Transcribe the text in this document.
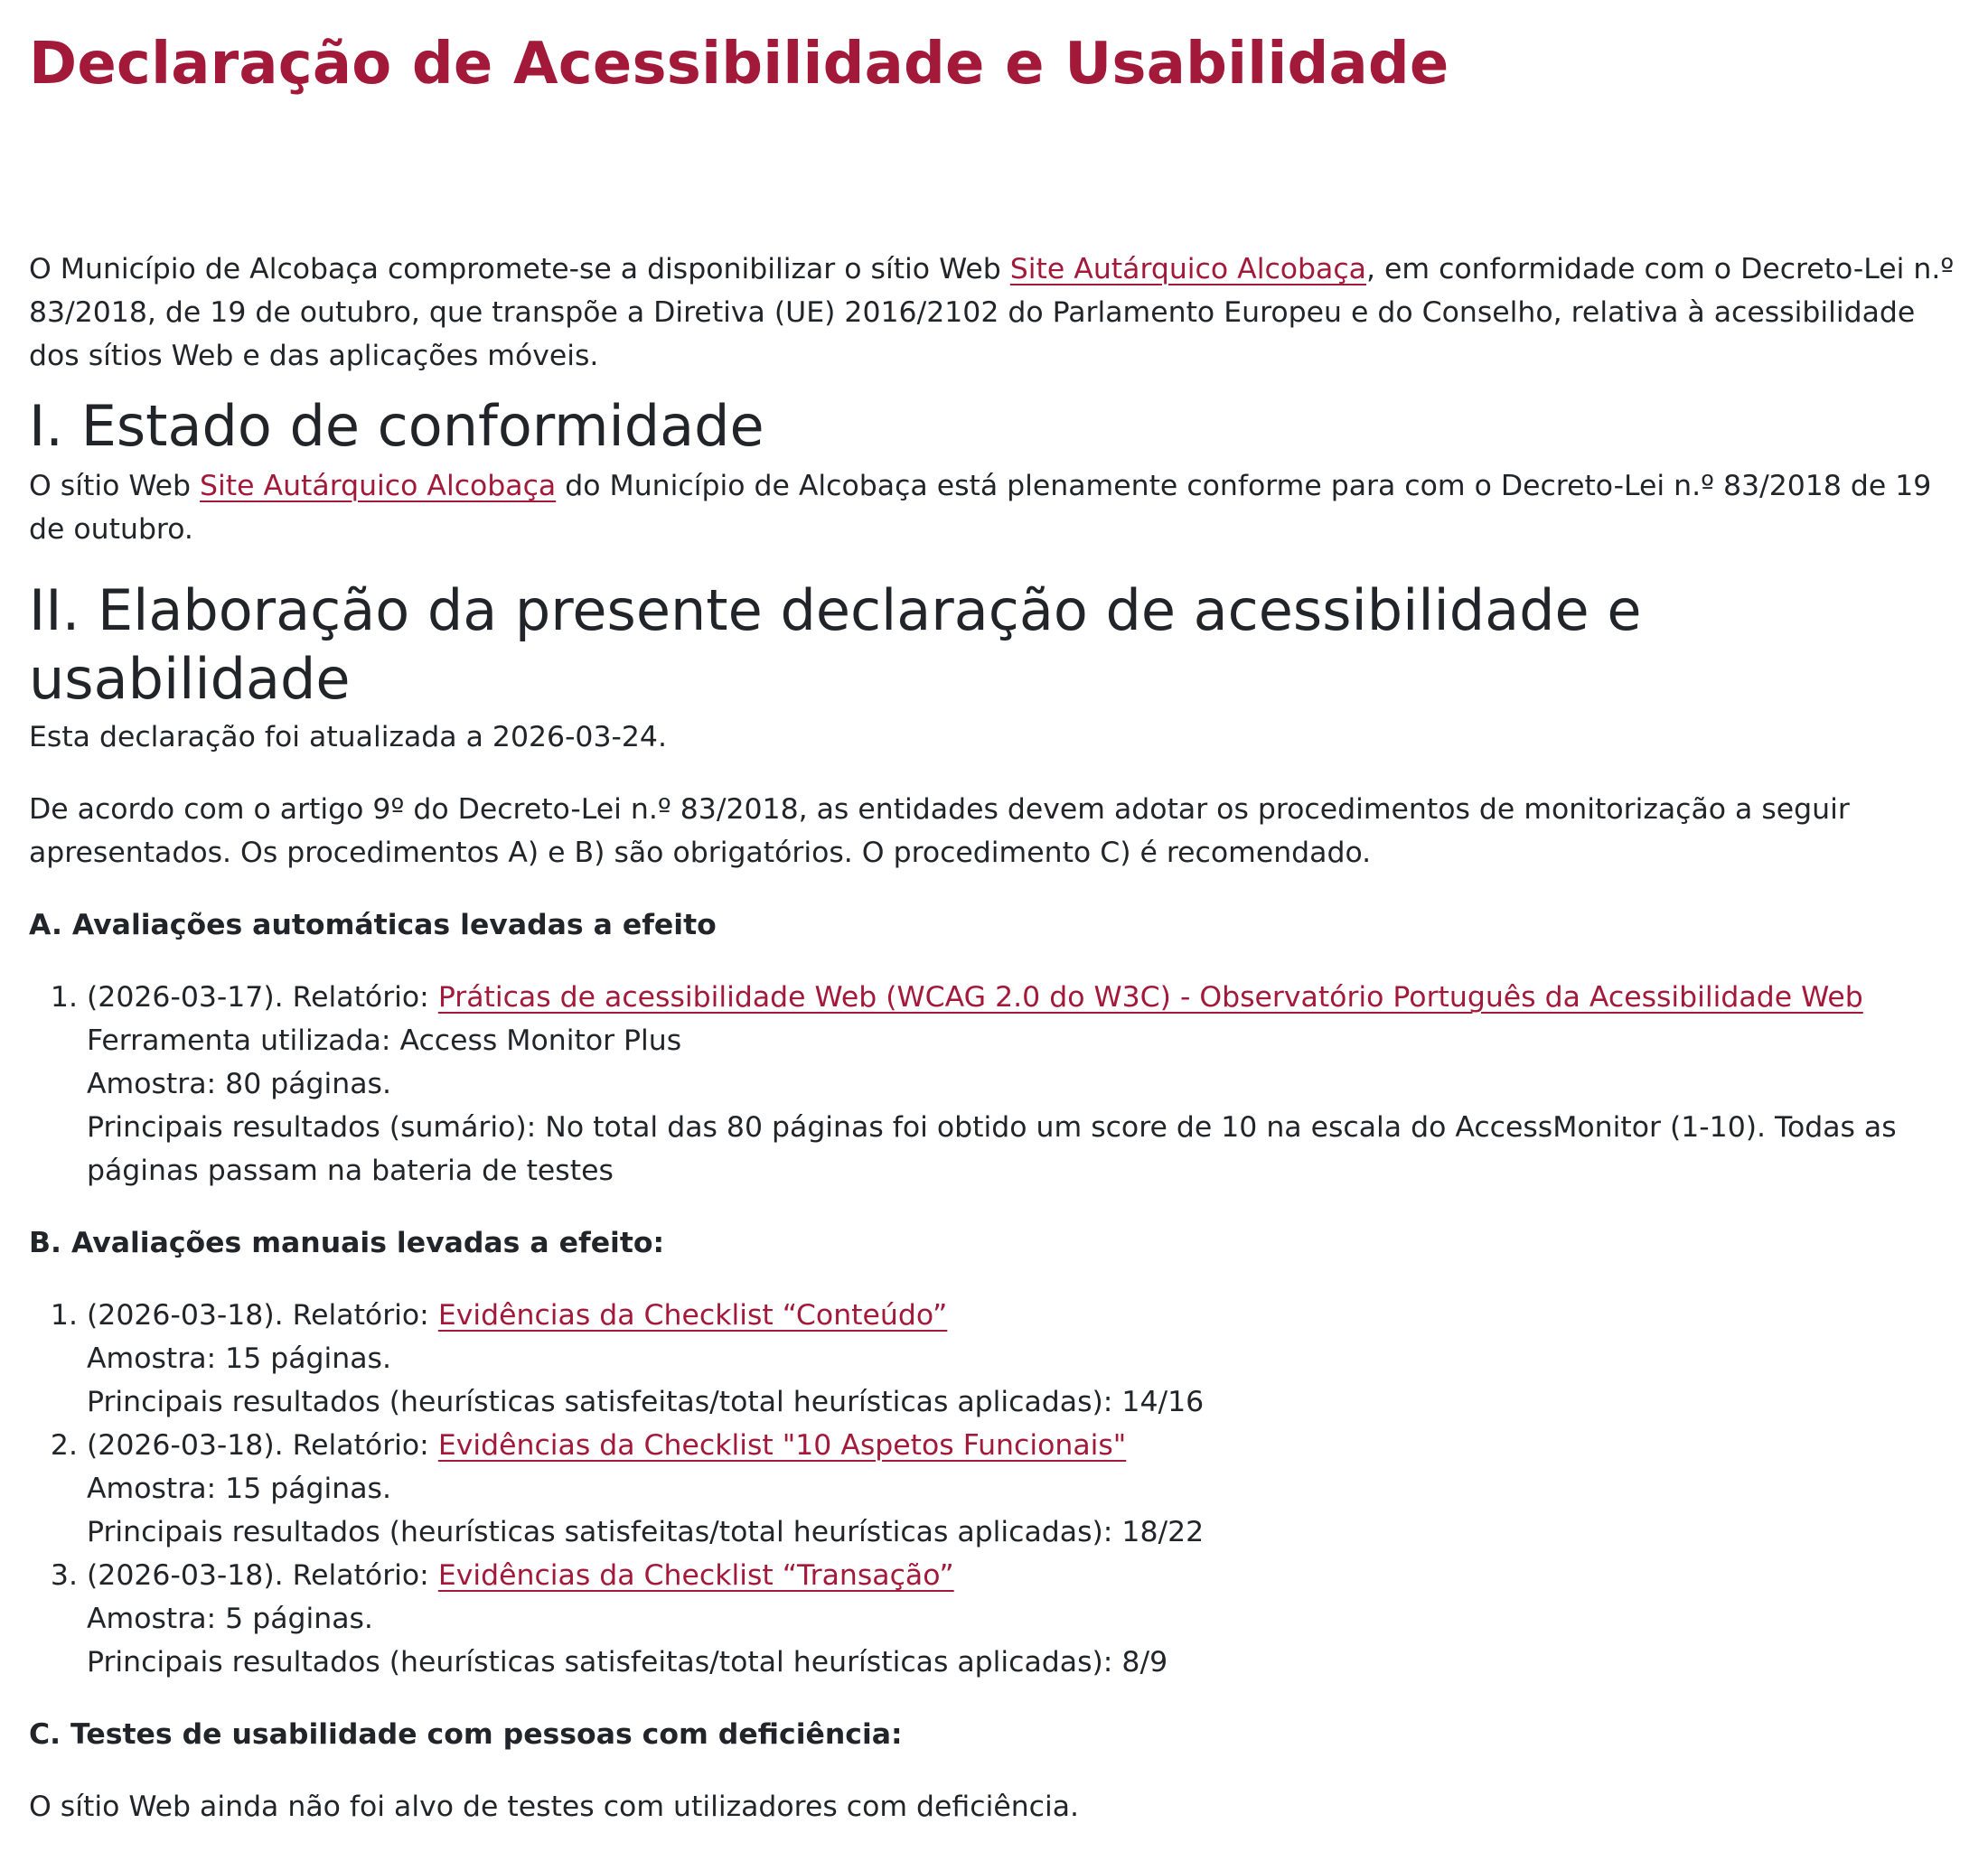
Declaração de Acessibilidade e Usabilidade

O Município de Alcobaça compromete-se a disponibilizar o sítio Web Site Autárquico Alcobaça, em conformidade com o Decreto-Lei n.º 83/2018, de 19 de outubro, que transpõe a Diretiva (UE) 2016/2102 do Parlamento Europeu e do Conselho, relativa à acessibilidade dos sítios Web e das aplicações móveis.

I. Estado de conformidade

O sítio Web Site Autárquico Alcobaça do Município de Alcobaça está plenamente conforme para com o Decreto-Lei n.º 83/2018 de 19 de outubro.

II. Elaboração da presente declaração de acessibilidade e usabilidade

Esta declaração foi atualizada a 2026-03-24.

De acordo com o artigo 9º do Decreto-Lei n.º 83/2018, as entidades devem adotar os procedimentos de monitorização a seguir apresentados. Os procedimentos A) e B) são obrigatórios. O procedimento C) é recomendado.

A. Avaliações automáticas levadas a efeito

1. (2026-03-17). Relatório: Práticas de acessibilidade Web (WCAG 2.0 do W3C) - Observatório Português da Acessibilidade Web
Ferramenta utilizada: Access Monitor Plus
Amostra: 80 páginas.
Principais resultados (sumário): No total das 80 páginas foi obtido um score de 10 na escala do AccessMonitor (1-10). Todas as páginas passam na bateria de testes

B. Avaliações manuais levadas a efeito:

1. (2026-03-18). Relatório: Evidências da Checklist “Conteúdo”
Amostra: 15 páginas.
Principais resultados (heurísticas satisfeitas/total heurísticas aplicadas): 14/16
2. (2026-03-18). Relatório: Evidências da Checklist "10 Aspetos Funcionais"
Amostra: 15 páginas.
Principais resultados (heurísticas satisfeitas/total heurísticas aplicadas): 18/22
3. (2026-03-18). Relatório: Evidências da Checklist “Transação”
Amostra: 5 páginas.
Principais resultados (heurísticas satisfeitas/total heurísticas aplicadas): 8/9

C. Testes de usabilidade com pessoas com deficiência:

O sítio Web ainda não foi alvo de testes com utilizadores com deficiência.
